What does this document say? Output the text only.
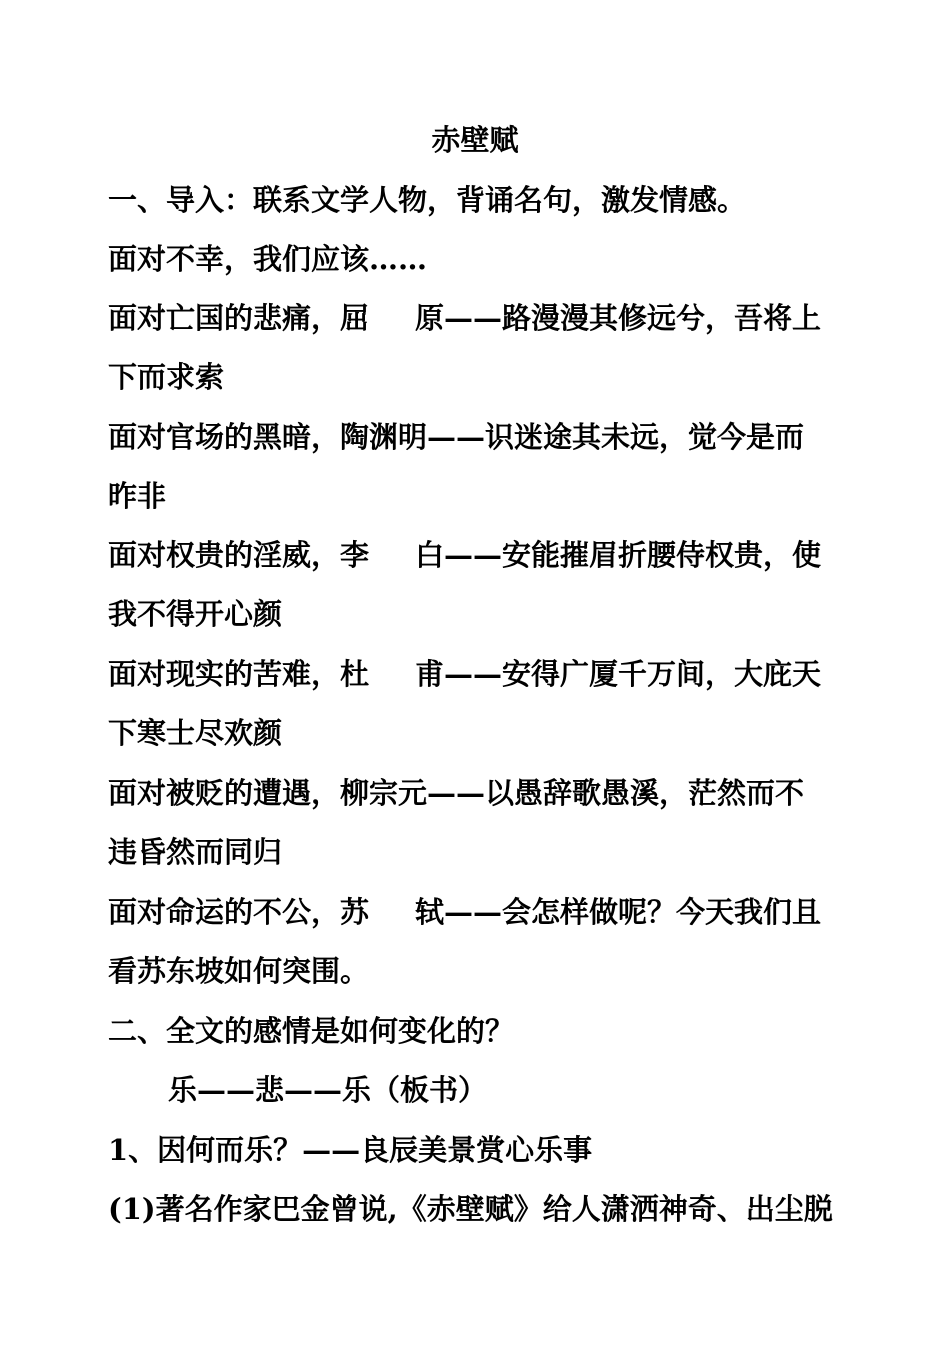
赤壁赋
一、导入：联系文学人物，背诵名句，激发情感。
面对不幸，我们应该……
面对亡国的悲痛，屈 原——路漫漫其修远兮，吾将上
下而求索
面对官场的黑暗，陶渊明——识迷途其未远，觉今是而
昨非
面对权贵的淫威，李 白——安能摧眉折腰侍权贵，使
我不得开心颜
面对现实的苦难，杜 甫——安得广厦千万间，大庇天
下寒士尽欢颜
面对被贬的遭遇，柳宗元——以愚辞歌愚溪，茫然而不
违昏然而同归
面对命运的不公，苏 轼——会怎样做呢？今天我们且
看苏东坡如何突围。
二、全文的感情是如何变化的？
乐——悲——乐（板书）
1、因何而乐？——良辰美景赏心乐事
(1)著名作家巴金曾说,《赤壁赋》给人潇洒神奇、出尘脱
